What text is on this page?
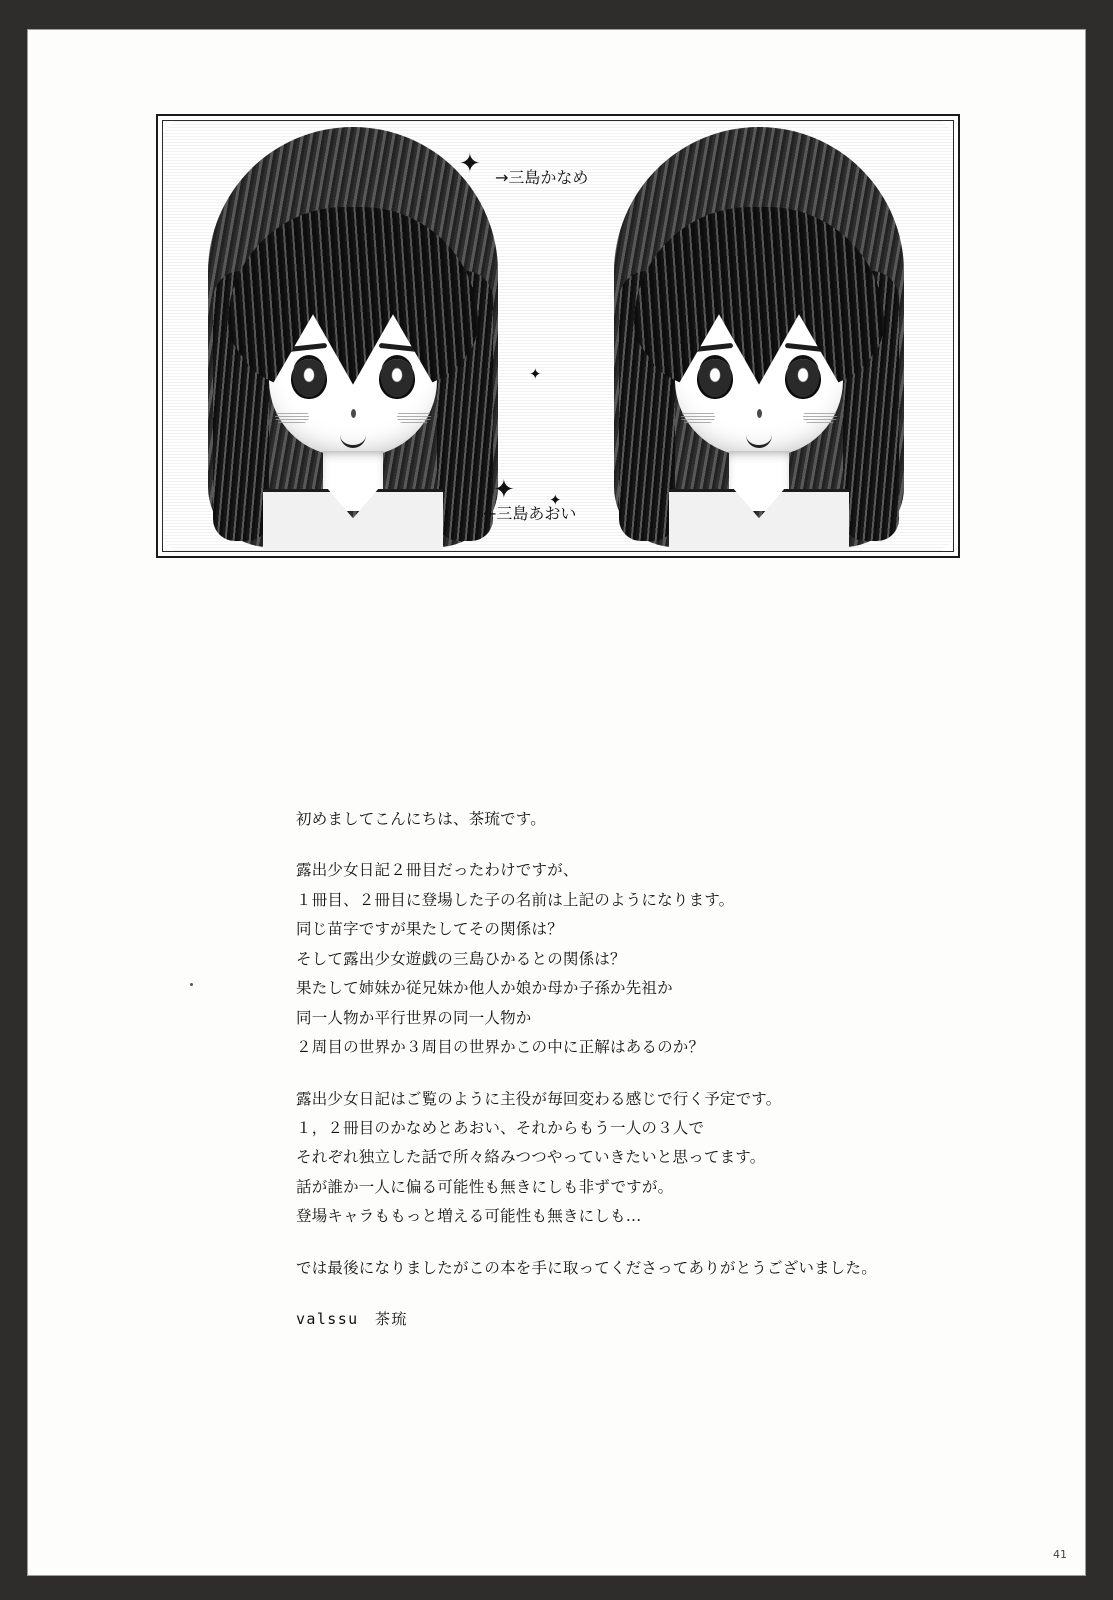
✦
✦
✦ ✦
→三島かなめ
←三島あおい

初めましてこんにちは、茶琉です。

露出少女日記２冊目だったわけですが、
１冊目、２冊目に登場した子の名前は上記のようになります。
同じ苗字ですが果たしてその関係は？
そして露出少女遊戯の三島ひかるとの関係は？
果たして姉妹か従兄妹か他人か娘か母か子孫か先祖か
同一人物か平行世界の同一人物か
２周目の世界か３周目の世界かこの中に正解はあるのか？

露出少女日記はご覧のように主役が毎回変わる感じで行く予定です。
１，２冊目のかなめとあおい、それからもう一人の３人で
それぞれ独立した話で所々絡みつつやっていきたいと思ってます。
話が誰か一人に偏る可能性も無きにしも非ずですが。
登場キャラももっと増える可能性も無きにしも…

では最後になりましたがこの本を手に取ってくださってありがとうございました。

valssu　茶琉

41
